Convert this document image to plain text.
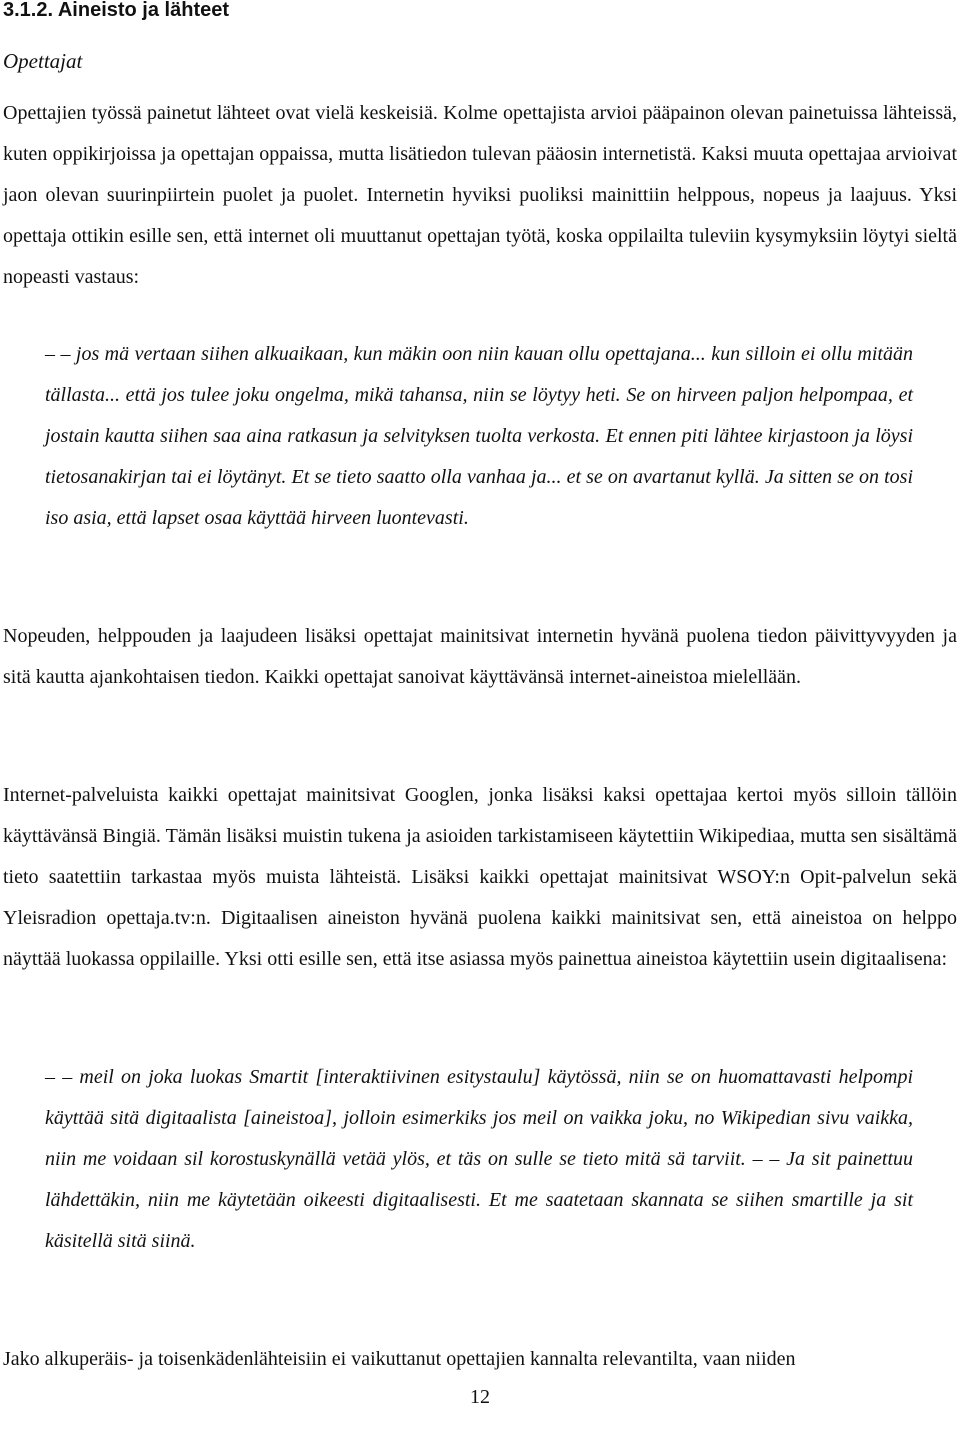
3.1.2. Aineisto ja lähteet

Opettajat

Opettajien työssä painetut lähteet ovat vielä keskeisiä. Kolme opettajista arvioi pääpainon olevan painetuissa lähteissä, kuten oppikirjoissa ja opettajan oppaissa, mutta lisätiedon tulevan pääosin internetistä. Kaksi muuta opettajaa arvioivat jaon olevan suurinpiirtein puolet ja puolet. Internetin hyviksi puoliksi mainittiin helppous, nopeus ja laajuus. Yksi opettaja ottikin esille sen, että internet oli muuttanut opettajan työtä, koska oppilailta tuleviin kysymyksiin löytyi sieltä nopeasti vastaus:

– – jos mä vertaan siihen alkuaikaan, kun mäkin oon niin kauan ollu opettajana... kun silloin ei ollu mitään tällasta... että jos tulee joku ongelma, mikä tahansa, niin se löytyy heti. Se on hirveen paljon helpompaa, et jostain kautta siihen saa aina ratkasun ja selvityksen tuolta verkosta. Et ennen piti lähtee kirjastoon ja löysi tietosanakirjan tai ei löytänyt. Et se tieto saatto olla vanhaa ja... et se on avartanut kyllä. Ja sitten se on tosi iso asia, että lapset osaa käyttää hirveen luontevasti.

Nopeuden, helppouden ja laajudeen lisäksi opettajat mainitsivat internetin hyvänä puolena tiedon päivittyvyyden ja sitä kautta ajankohtaisen tiedon. Kaikki opettajat sanoivat käyttävänsä internet-aineistoa mielellään.

Internet-palveluista kaikki opettajat mainitsivat Googlen, jonka lisäksi kaksi opettajaa kertoi myös silloin tällöin käyttävänsä Bingiä. Tämän lisäksi muistin tukena ja asioiden tarkistamiseen käytettiin Wikipediaa, mutta sen sisältämä tieto saatettiin tarkastaa myös muista lähteistä. Lisäksi kaikki opettajat mainitsivat WSOY:n Opit-palvelun sekä Yleisradion opettaja.tv:n. Digitaalisen aineiston hyvänä puolena kaikki mainitsivat sen, että aineistoa on helppo näyttää luokassa oppilaille. Yksi otti esille sen, että itse asiassa myös painettua aineistoa käytettiin usein digitaalisena:

– – meil on joka luokas Smartit [interaktiivinen esitystaulu] käytössä, niin se on huomattavasti helpompi käyttää sitä digitaalista [aineistoa], jolloin esimerkiks jos meil on vaikka joku, no Wikipedian sivu vaikka, niin me voidaan sil korostuskynällä vetää ylös, et täs on sulle se tieto mitä sä tarviit. – – Ja sit painettuu lähdettäkin, niin me käytetään oikeesti digitaalisesti. Et me saatetaan skannata se siihen smartille ja sit käsitellä sitä siinä.

Jako alkuperäis- ja toisenkädenlähteisiin ei vaikuttanut opettajien kannalta relevantilta, vaan niiden

12
